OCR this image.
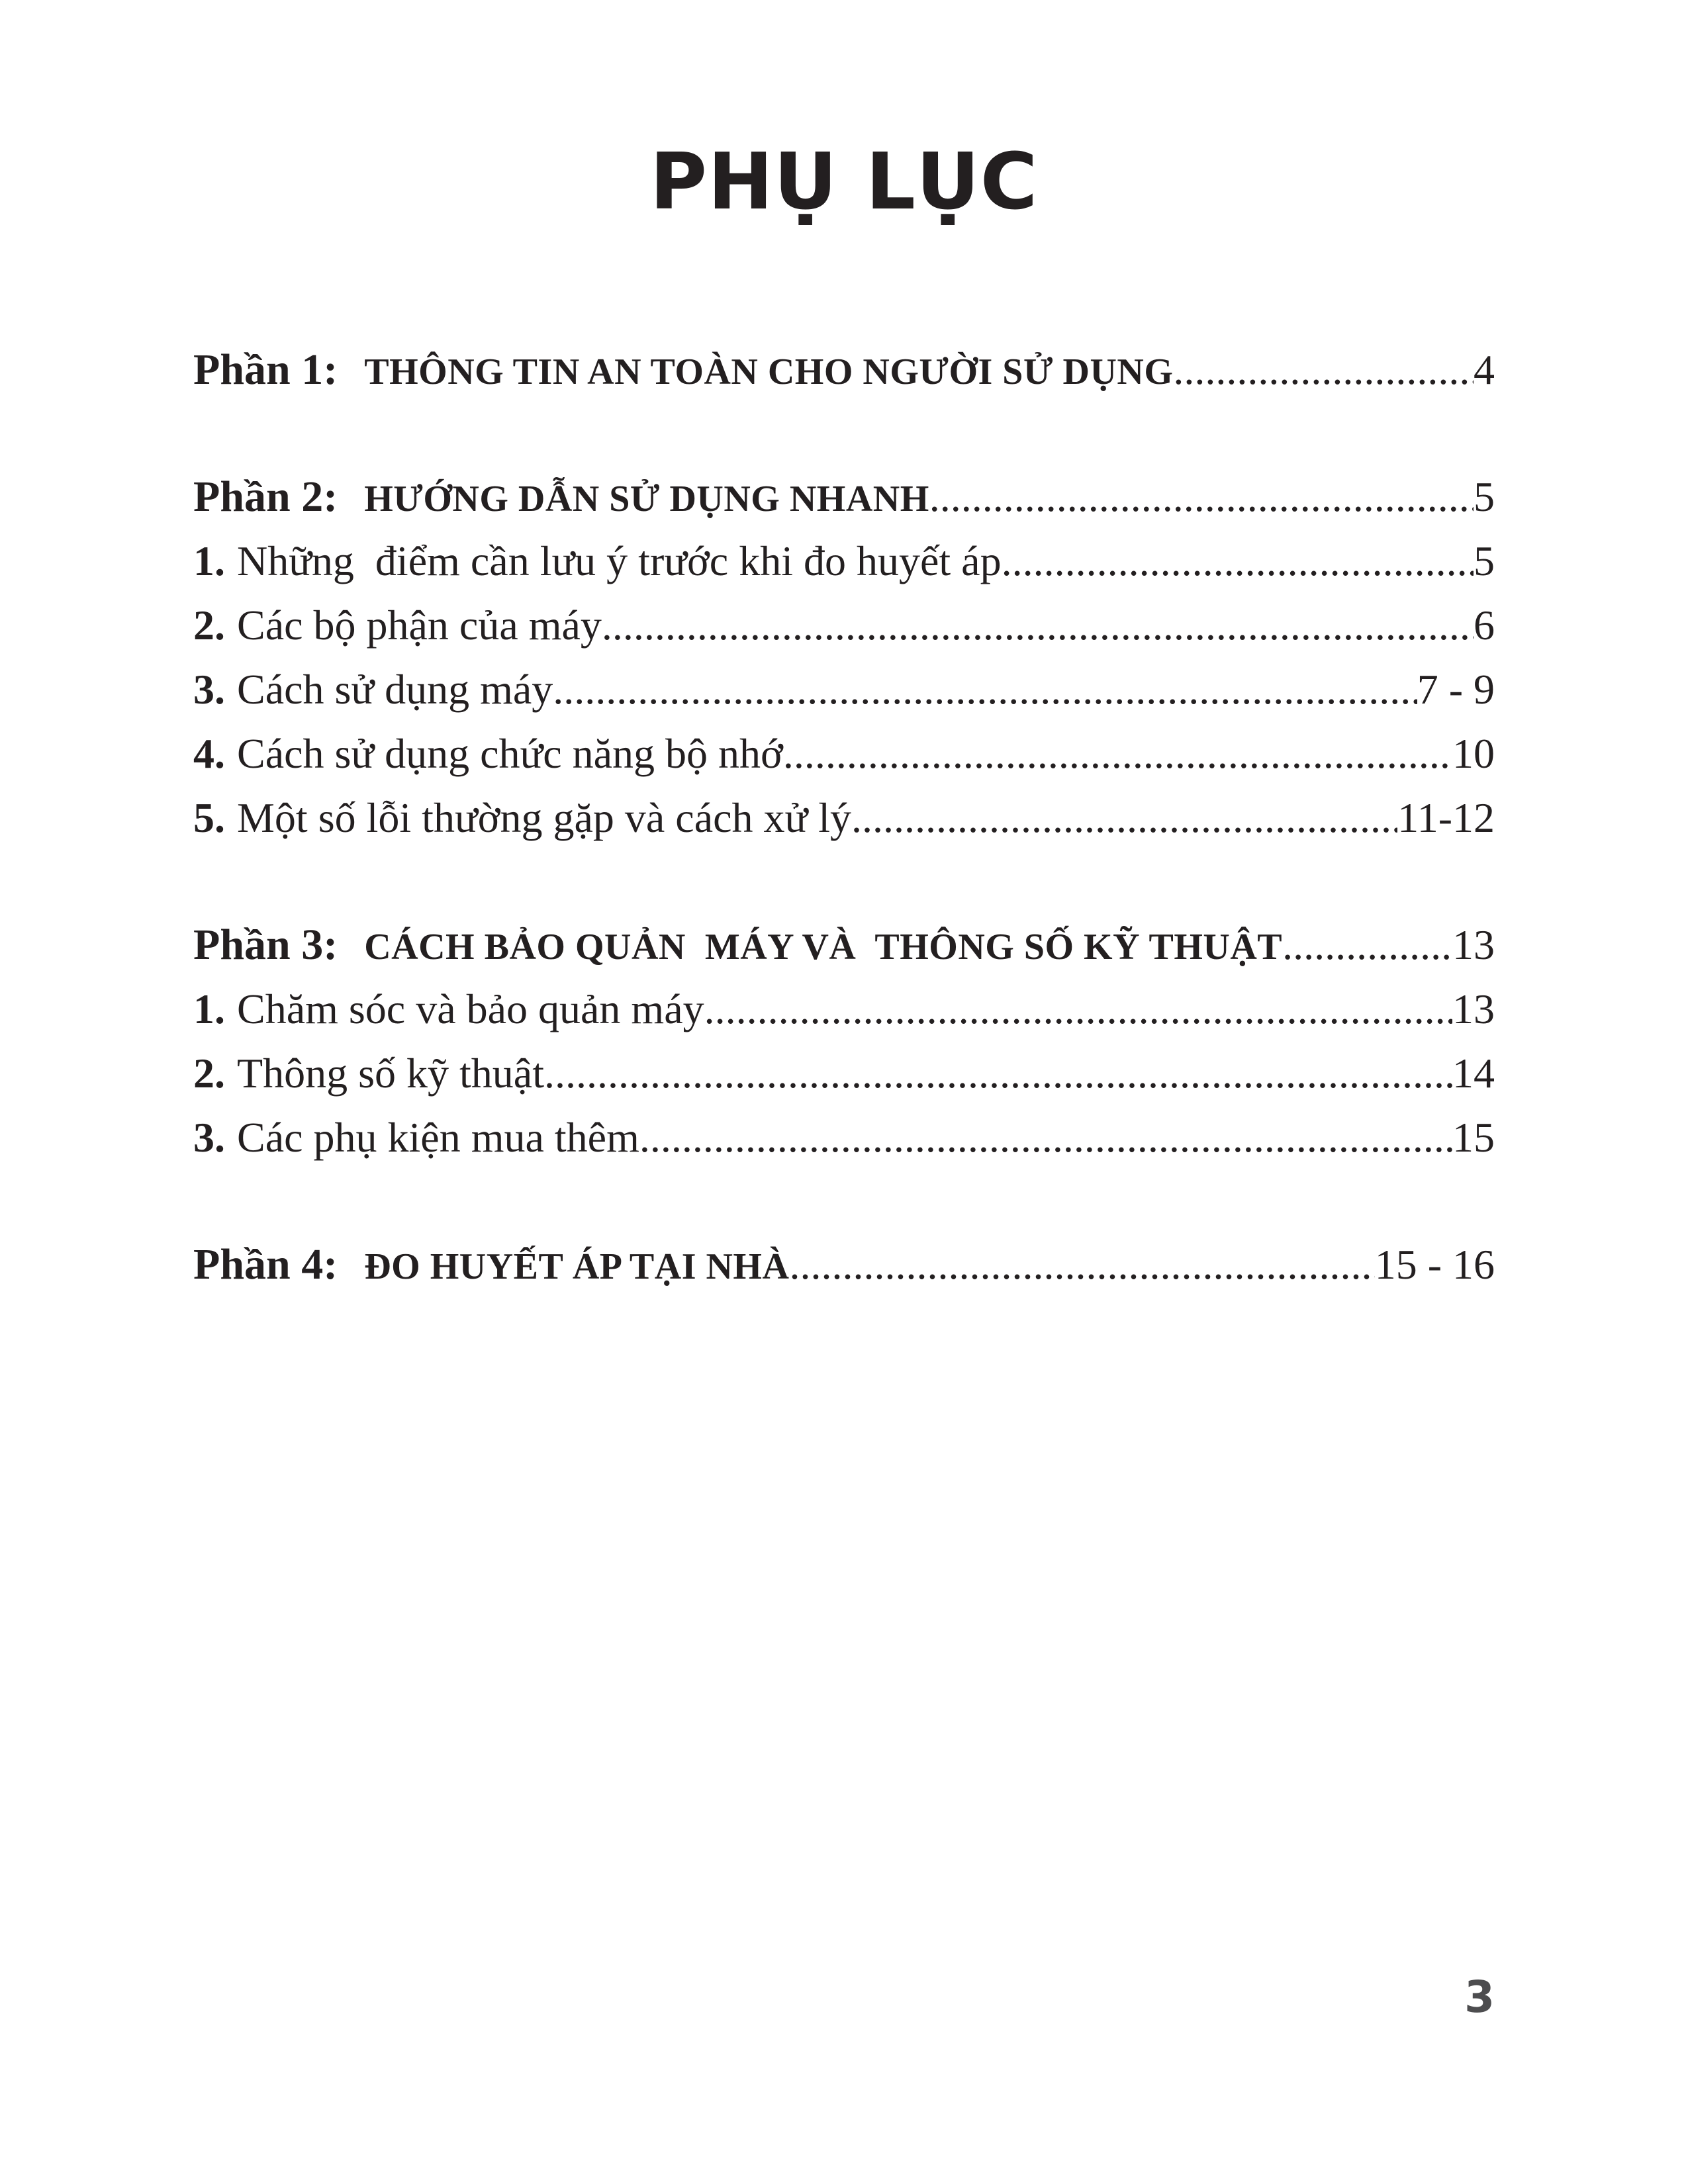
PHỤ LỤC
Phần 1: THÔNG TIN AN TOÀN CHO NGƯỜI SỬ DỤNG .....	4
Phần 2: HƯỚNG DẪN SỬ DỤNG NHANH .....	5
1. Những  điểm cần lưu ý trước khi đo huyết áp .....	5
2. Các bộ phận của máy .....	6
3. Cách sử dụng máy .....	7 - 9
4. Cách sử dụng chức năng bộ nhớ .....	10
5. Một số lỗi thường gặp và cách xử lý .....	11-12
Phần 3: CÁCH BẢO QUẢN  MÁY VÀ  THÔNG SỐ KỸ THUẬT .....	13
1. Chăm sóc và bảo quản máy .....	13
2. Thông số kỹ thuật .....	14
3. Các phụ kiện mua thêm .....	15
Phần 4: ĐO HUYẾT ÁP TẠI NHÀ .....	15 - 16
3
